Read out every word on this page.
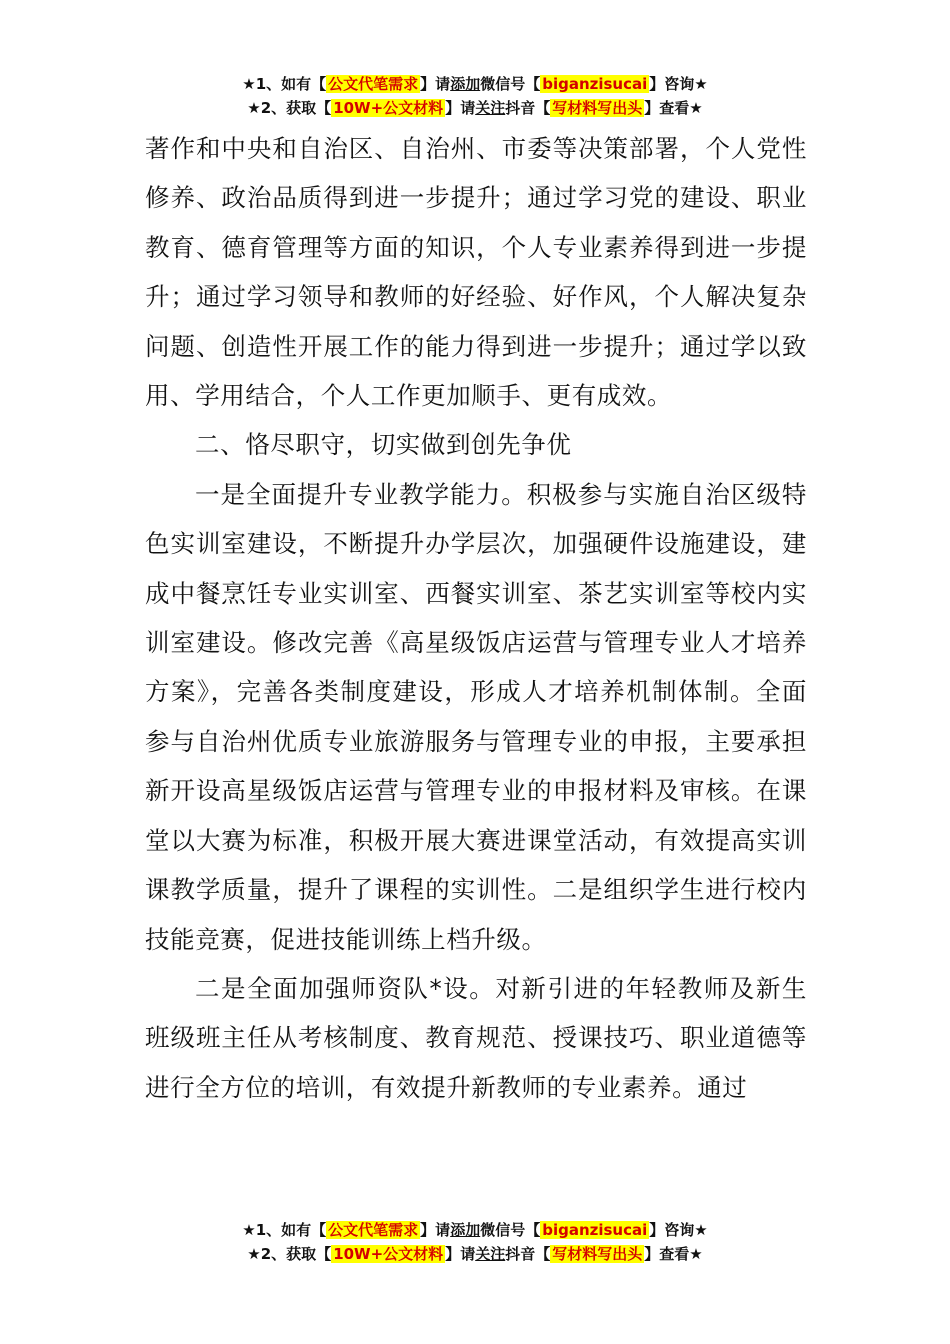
★1、如有【 公文代笔需求 】请添加微信号【 biganzisucai 】咨询★
★2、获取【 10W+公文材料 】请关注抖音【 写材料写出头 】查看★

著作和中央和自治区、自治州、市委等决策部署，个人党性修养、政治品质得到进一步提升；通过学习党的建设、职业教育、德育管理等方面的知识，个人专业素养得到进一步提升；通过学习领导和教师的好经验、好作风，个人解决复杂问题、创造性开展工作的能力得到进一步提升；通过学以致用、学用结合，个人工作更加顺手、更有成效。

二、恪尽职守，切实做到创先争优

一是全面提升专业教学能力。积极参与实施自治区级特色实训室建设，不断提升办学层次，加强硬件设施建设，建成中餐烹饪专业实训室、西餐实训室、茶艺实训室等校内实训室建设。修改完善《高星级饭店运营与管理专业人才培养方案》，完善各类制度建设，形成人才培养机制体制。全面参与自治州优质专业旅游服务与管理专业的申报，主要承担新开设高星级饭店运营与管理专业的申报材料及审核。在课堂以大赛为标准，积极开展大赛进课堂活动，有效提高实训课教学质量，提升了课程的实训性。二是组织学生进行校内技能竞赛，促进技能训练上档升级。

二是全面加强师资队*设。对新引进的年轻教师及新生班级班主任从考核制度、教育规范、授课技巧、职业道德等进行全方位的培训，有效提升新教师的专业素养。通过

★1、如有【 公文代笔需求 】请添加微信号【 biganzisucai 】咨询★
★2、获取【 10W+公文材料 】请关注抖音【 写材料写出头 】查看★
